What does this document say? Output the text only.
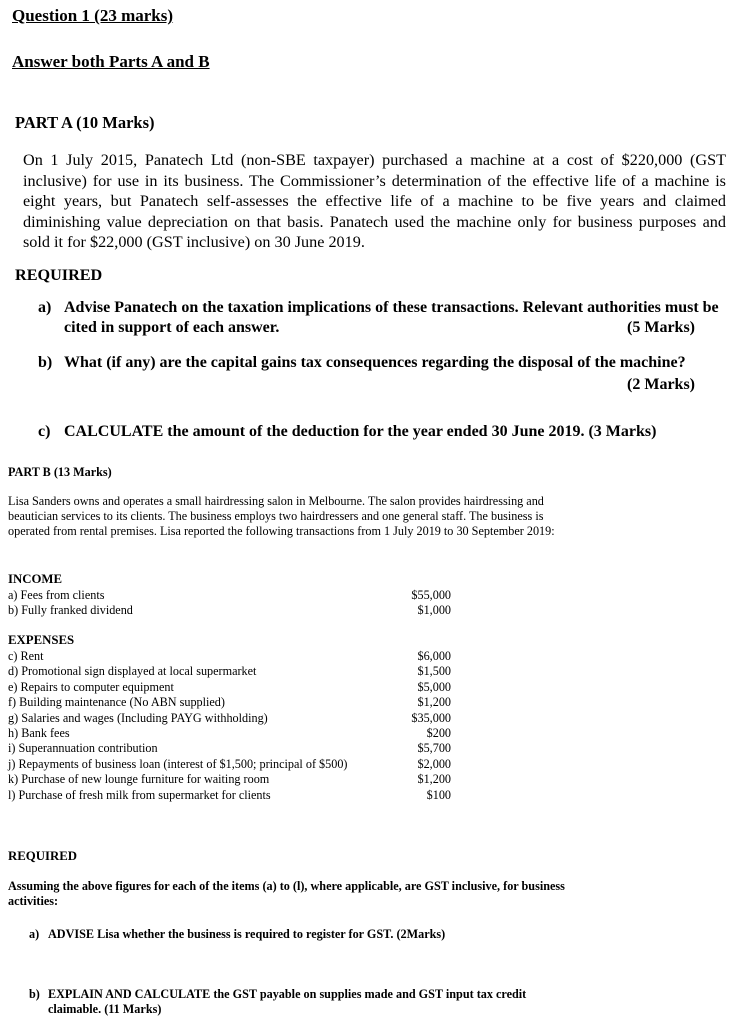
Question 1 (23 marks)
Answer both Parts A and B
PART A (10 Marks)
On 1 July 2015, Panatech Ltd (non-SBE taxpayer) purchased a machine at a cost of $220,000 (GST inclusive) for use in its business. The Commissioner’s determination of the effective life of a machine is eight years, but Panatech self-assesses the effective life of a machine to be five years and claimed diminishing value depreciation on that basis. Panatech used the machine only for business purposes and sold it for $22,000 (GST inclusive) on 30 June 2019.
REQUIRED
a) Advise Panatech on the taxation implications of these transactions. Relevant authorities must be cited in support of each answer.	(5 Marks)
b) What (if any) are the capital gains tax consequences regarding the disposal of the machine?
(2 Marks)
c) CALCULATE the amount of the deduction for the year ended 30 June 2019. (3 Marks)
PART B (13 Marks)
Lisa Sanders owns and operates a small hairdressing salon in Melbourne. The salon provides hairdressing and beautician services to its clients. The business employs two hairdressers and one general staff. The business is operated from rental premises. Lisa reported the following transactions from 1 July 2019 to 30 September 2019:
INCOME
a) Fees from clients	$55,000
b) Fully franked dividend	$1,000
EXPENSES
c) Rent	$6,000
d) Promotional sign displayed at local supermarket	$1,500
e) Repairs to computer equipment	$5,000
f) Building maintenance (No ABN supplied)	$1,200
g) Salaries and wages (Including PAYG withholding)	$35,000
h) Bank fees	$200
i) Superannuation contribution	$5,700
j) Repayments of business loan (interest of $1,500; principal of $500)	$2,000
k) Purchase of new lounge furniture for waiting room	$1,200
l) Purchase of fresh milk from supermarket for clients	$100
REQUIRED
Assuming the above figures for each of the items (a) to (l), where applicable, are GST inclusive, for business activities:
a) ADVISE Lisa whether the business is required to register for GST. (2Marks)
b) EXPLAIN AND CALCULATE the GST payable on supplies made and GST input tax credit claimable. (11 Marks)
